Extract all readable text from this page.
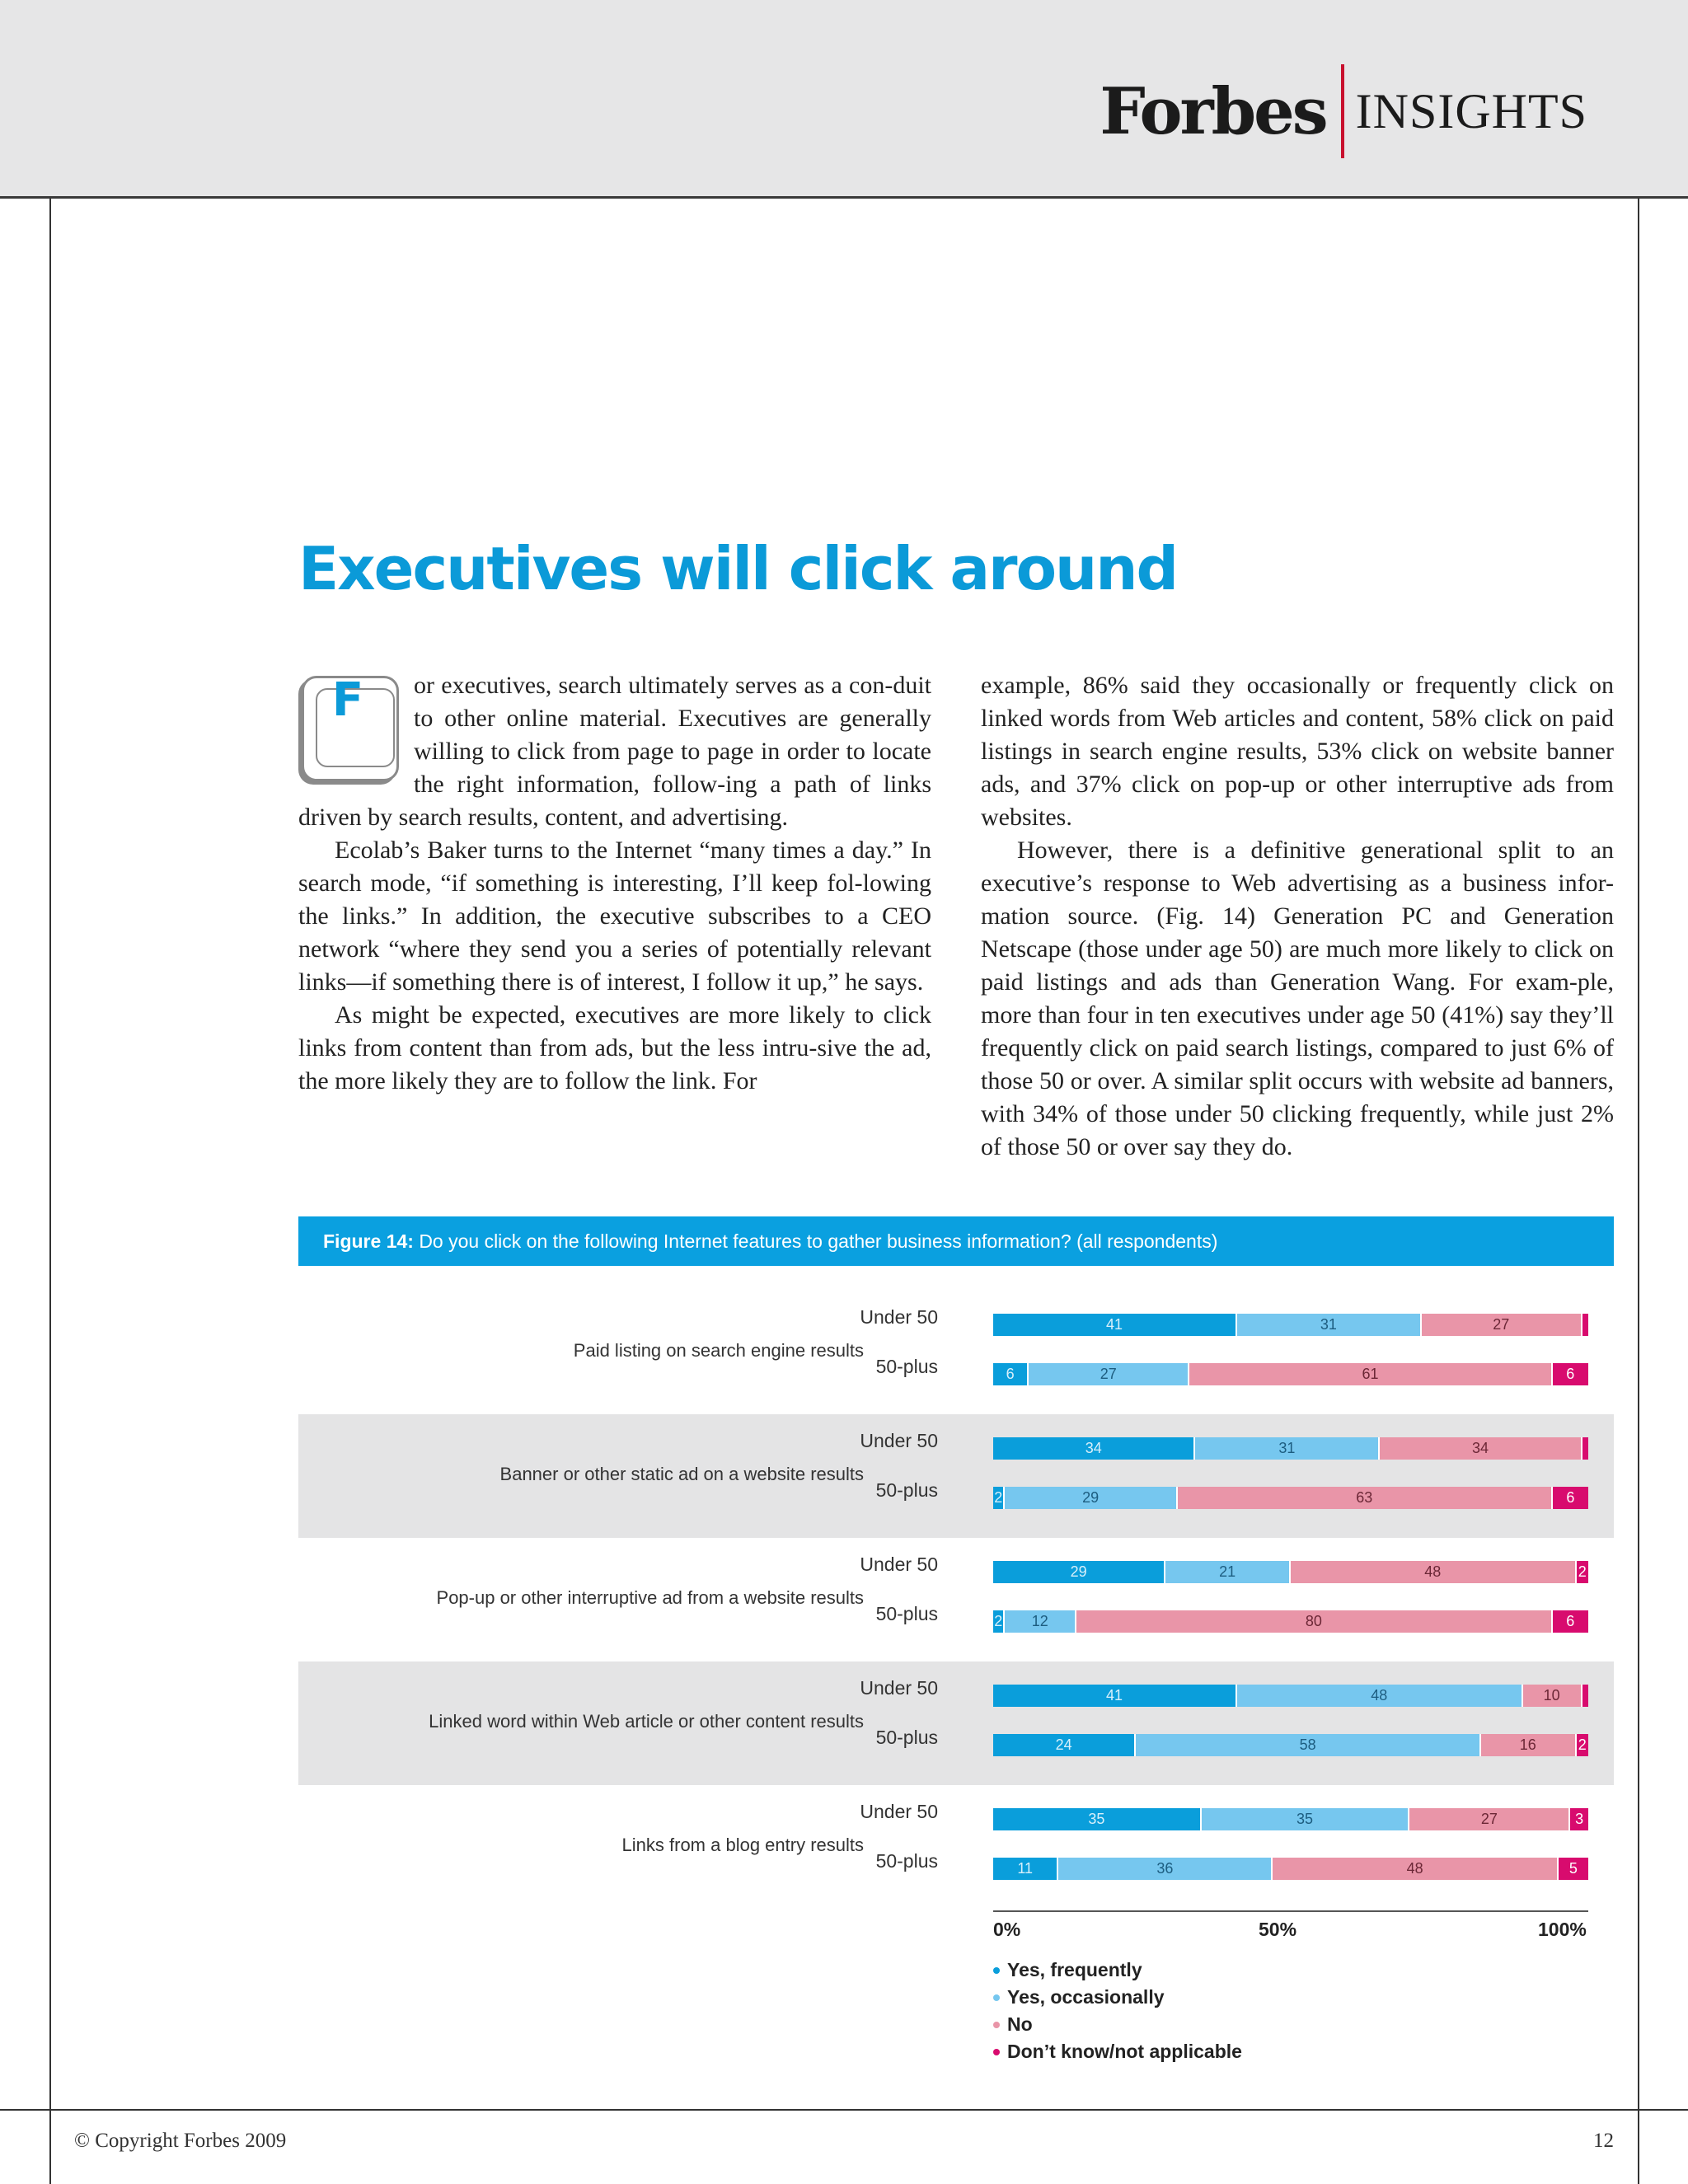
Forbes INSIGHTS
Executives will click around
F	or executives, search ultimately serves as a con-duit to other online material. Executives are generally willing to click from page to page in order to locate the right information, follow-ing a path of links driven by search results, content, and advertising.

Ecolab’s Baker turns to the Internet “many times a day.” In search mode, “if something is interesting, I’ll keep fol-lowing the links.” In addition, the executive subscribes to a CEO network “where they send you a series of potentially relevant links—if something there is of interest, I follow it up,” he says.

As might be expected, executives are more likely to click links from content than from ads, but the less intru-sive the ad, the more likely they are to follow the link. For

example, 86% said they occasionally or frequently click on linked words from Web articles and content, 58% click on paid listings in search engine results, 53% click on website banner ads, and 37% click on pop-up or other interruptive ads from websites.

However, there is a definitive generational split to an executive’s response to Web advertising as a business infor-mation source. (Fig. 14) Generation PC and Generation Netscape (those under age 50) are much more likely to click on paid listings and ads than Generation Wang. For exam-ple, more than four in ten executives under age 50 (41%) say they’ll frequently click on paid search listings, compared to just 6% of those 50 or over. A similar split occurs with website ad banners, with 34% of those under 50 clicking frequently, while just 2% of those 50 or over say they do.

Figure 14: Do you click on the following Internet features to gather business information? (all respondents)
Paid listing on search engine results
Banner or other static ad on a website results
Pop-up or other interruptive ad from a website results
Linked word within Web article or other content results
Links from a blog entry results
Under 50	41	31	27
50-plus	6	27	61	6
Under 50	34	31	34
50-plus	2	29	63	6
Under 50	29	21	48	2
50-plus	2	12	80	6
Under 50	41	48	10
50-plus	24	58	16	2
Under 50	35	35	27	3
50-plus	11	36	48	5
0%	50%	100%
Yes, frequently
Yes, occasionally
No
Don’t know/not applicable
© Copyright Forbes 2009	12
